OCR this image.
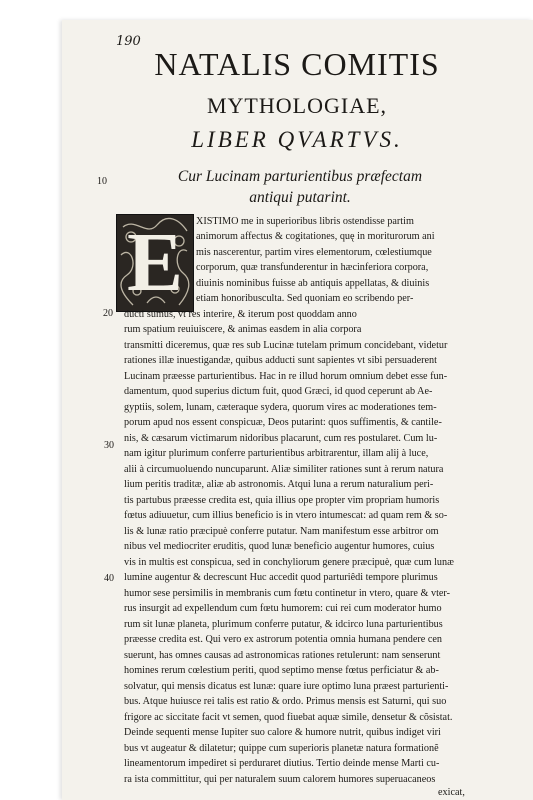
190
NATALIS COMITIS
MYTHOLOGIAE,
LIBER QVARTVS.
Cur Lucinam parturientibus præfectam
antiqui putarint.
10
20
30
40
E	XISTIMO me in superioribus libris ostendisse partim
animorum affectus & cogitationes, quę in moriturorum ani
mis nascerentur, partim vires elementorum, cœlestiumque
corporum, quæ transfunderentur in hæcinferiora corpora,
diuinis nominibus fuisse ab antiquis appellatas, & diuinis
etiam honoribusculta. Sed quoniam eo scribendo per-
ducti sumus, vt res interire, & iterum post quoddam anno
rum spatium reuiuiscere, & animas easdem in alia corpora
transmitti diceremus, quæ res sub Lucinæ tutelam primum concidebant, videtur
rationes illæ inuestigandæ, quibus adducti sunt sapientes vt sibi persuaderent
Lucinam præesse parturientibus. Hac in re illud horum omnium debet esse fun-
damentum, quod superius dictum fuit, quod Græci, id quod ceperunt ab Ae-
gyptiis, solem, lunam, cæteraque sydera, quorum vires ac moderationes tem-
porum apud nos essent conspicuæ, Deos putarint: quos suffimentis, & cantile-
nis, & cæsarum victimarum nidoribus placarunt, cum res postularet. Cum lu-
nam igitur plurimum conferre parturientibus arbitrarentur, illam alij à luce,
alii à circumuoluendo nuncuparunt. Aliæ similiter rationes sunt à rerum natura
lium peritis traditæ, aliæ ab astronomis. Atqui luna a rerum naturalium peri-
tis partubus præesse credita est, quia illius ope propter vim propriam humoris
fœtus adiuuetur, cum illius beneficio is in vtero intumescat: ad quam rem & so-
lis & lunæ ratio præcipuè conferre putatur. Nam manifestum esse arbitror om
nibus vel mediocriter eruditis, quod lunæ beneficio augentur humores, cuius
vis in multis est conspicua, sed in conchyliorum genere præcipuè, quæ cum lunæ
lumine augentur & decrescunt Huc accedit quod parturiêdi tempore plurimus
humor sese persimilis in membranis cum fœtu continetur in vtero, quare & vter-
rus insurgit ad expellendum cum fœtu humorem: cui rei cum moderator humo
rum sit lunæ planeta, plurimum conferre putatur, & idcirco luna parturientibus
præesse credita est. Qui vero ex astrorum potentia omnia humana pendere cen
suerunt, has omnes causas ad astronomicas rationes retulerunt: nam senserunt
homines rerum cœlestium periti, quod septimo mense fœtus perficiatur & ab-
solvatur, qui mensis dicatus est lunæ: quare iure optimo luna præest parturienti-
bus. Atque huiusce rei talis est ratio & ordo. Primus mensis est Saturni, qui suo
frigore ac siccitate facit vt semen, quod fiuebat aquæ simile, densetur & cõsistat.
Deinde sequenti mense Iupiter suo calore & humore nutrit, quibus indiget viri
bus vt augeatur & dilatetur; quippe cum superioris planetæ natura formationẽ
lineamentorum impediret si perduraret diutius. Tertio deinde mense Marti cu-
ra ista committitur, qui per naturalem suum calorem humores superuacaneos
exicat,
